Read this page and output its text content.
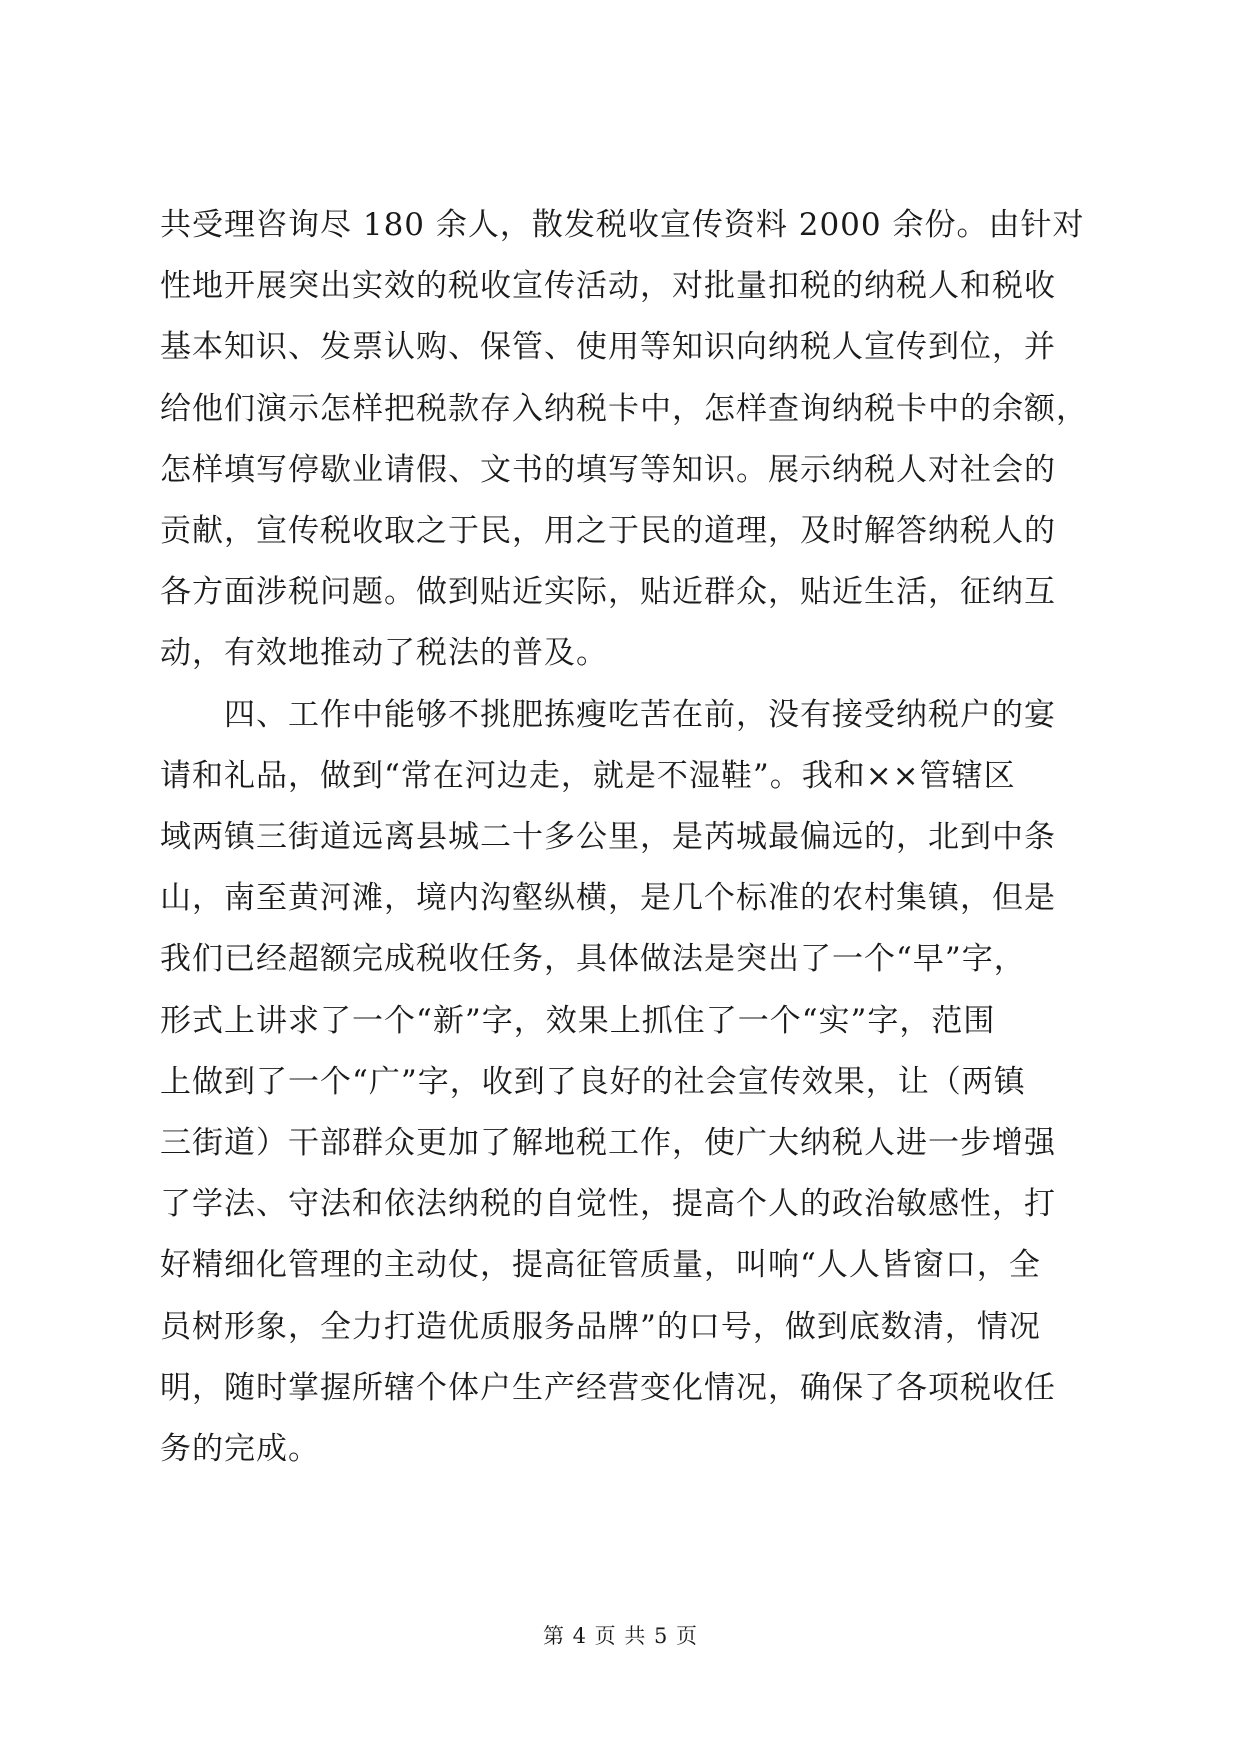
共受理咨询尽 180 余人，散发税收宣传资料 2000 余份。由针对
性地开展突出实效的税收宣传活动，对批量扣税的纳税人和税收
基本知识、发票认购、保管、使用等知识向纳税人宣传到位，并
给他们演示怎样把税款存入纳税卡中，怎样查询纳税卡中的余额，
怎样填写停歇业请假、文书的填写等知识。展示纳税人对社会的
贡献，宣传税收取之于民，用之于民的道理，及时解答纳税人的
各方面涉税问题。做到贴近实际，贴近群众，贴近生活，征纳互
动，有效地推动了税法的普及。
　　四、工作中能够不挑肥拣瘦吃苦在前，没有接受纳税户的宴
请和礼品，做到“常在河边走，就是不湿鞋”。我和××管辖区
域两镇三街道远离县城二十多公里，是芮城最偏远的，北到中条
山，南至黄河滩，境内沟壑纵横，是几个标准的农村集镇，但是
我们已经超额完成税收任务，具体做法是突出了一个“早”字，
形式上讲求了一个“新”字，效果上抓住了一个“实”字，范围
上做到了一个“广”字，收到了良好的社会宣传效果，让（两镇
三街道）干部群众更加了解地税工作，使广大纳税人进一步增强
了学法、守法和依法纳税的自觉性，提高个人的政治敏感性，打
好精细化管理的主动仗，提高征管质量，叫响“人人皆窗口，全
员树形象，全力打造优质服务品牌”的口号，做到底数清，情况
明，随时掌握所辖个体户生产经营变化情况，确保了各项税收任
务的完成。
第 4 页 共 5 页
